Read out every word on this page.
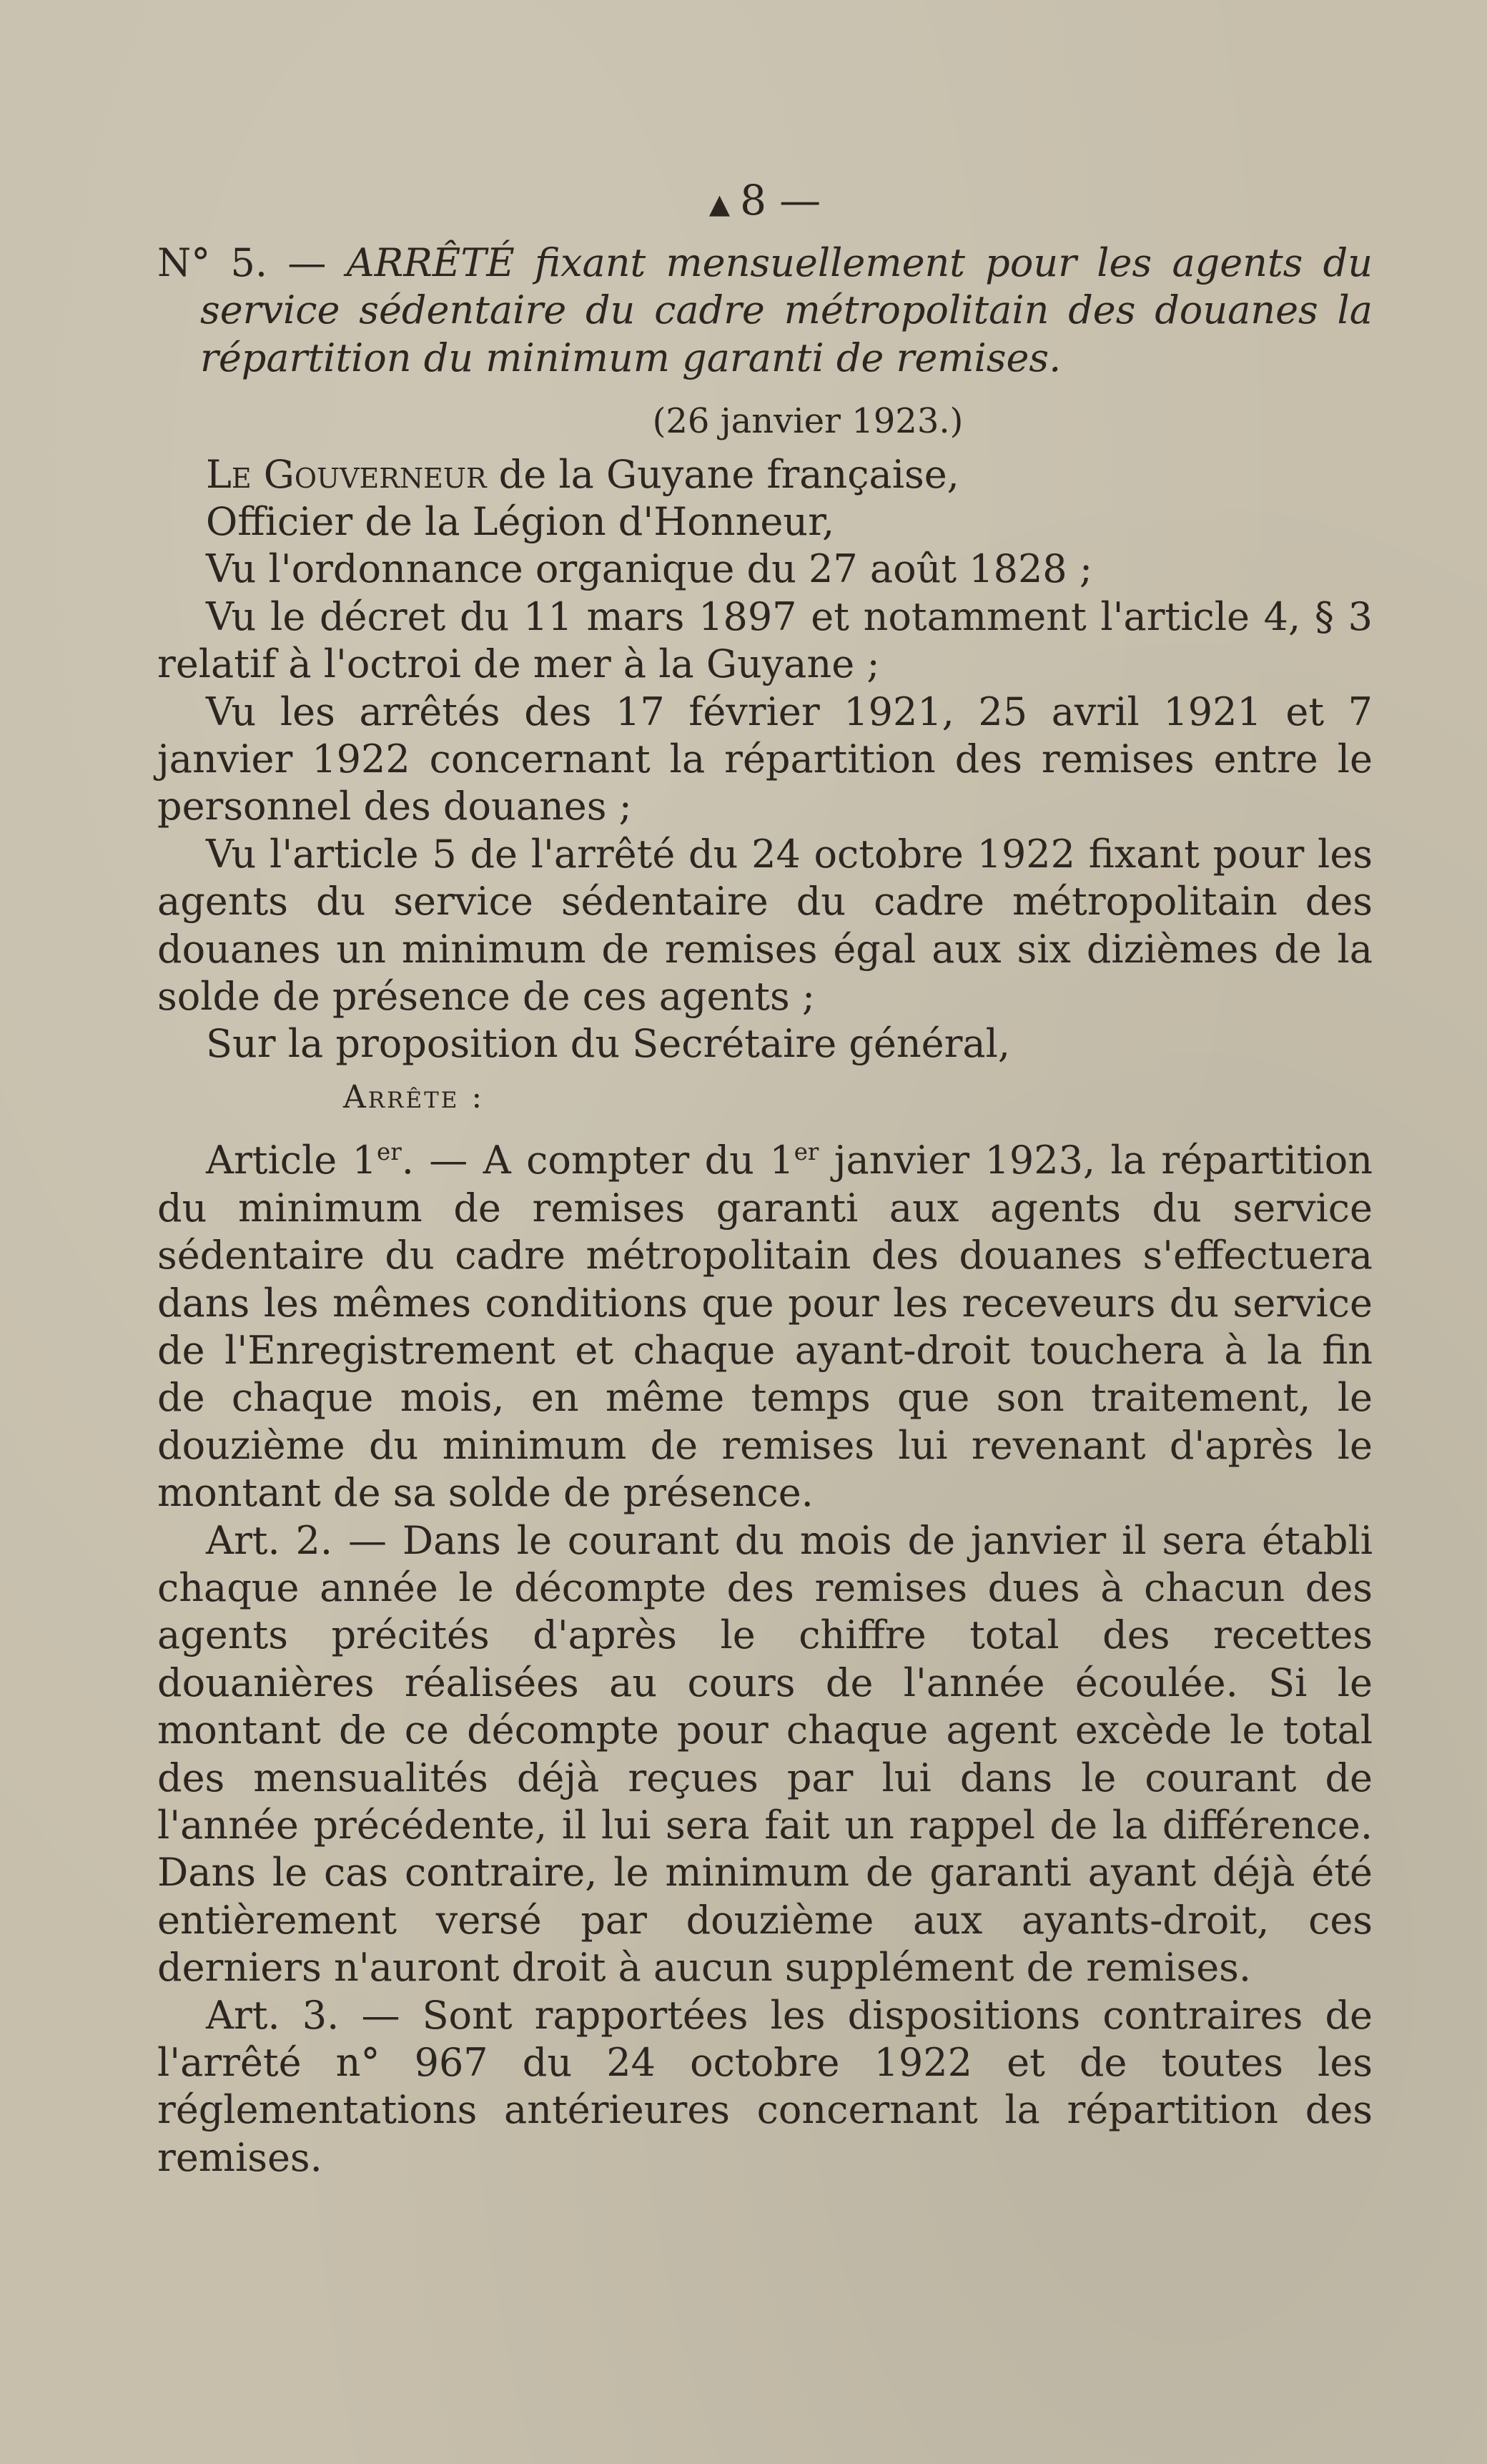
▲ 8 —
N° 5. — ARRÊTÉ fixant mensuellement pour les agents du service sédentaire du cadre métropolitain des douanes la répartition du minimum garanti de remises.
(26 janvier 1923.)

Le Gouverneur de la Guyane française,

Officier de la Légion d'Honneur,

Vu l'ordonnance organique du 27 août 1828 ;

Vu le décret du 11 mars 1897 et notamment l'article 4, § 3 relatif à l'octroi de mer à la Guyane ;

Vu les arrêtés des 17 février 1921, 25 avril 1921 et 7 janvier 1922 concernant la répartition des remises entre le personnel des douanes ;

Vu l'article 5 de l'arrêté du 24 octobre 1922 fixant pour les agents du service sédentaire du cadre métropolitain des douanes un minimum de remises égal aux six dizièmes de la solde de présence de ces agents ;

Sur la proposition du Secrétaire général,

Arrête :

Article 1er. — A compter du 1er janvier 1923, la répartition du minimum de remises garanti aux agents du service sédentaire du cadre métropolitain des douanes s'effectuera dans les mêmes conditions que pour les receveurs du service de l'Enregistrement et chaque ayant-droit touchera à la fin de chaque mois, en même temps que son traitement, le douzième du minimum de remises lui revenant d'après le montant de sa solde de présence.

Art. 2. — Dans le courant du mois de janvier il sera établi chaque année le décompte des remises dues à chacun des agents précités d'après le chiffre total des recettes douanières réalisées au cours de l'année écoulée. Si le montant de ce décompte pour chaque agent excède le total des mensualités déjà reçues par lui dans le courant de l'année précédente, il lui sera fait un rappel de la différence. Dans le cas contraire, le minimum de garanti ayant déjà été entièrement versé par douzième aux ayants-droit, ces derniers n'auront droit à aucun supplément de remises.

Art. 3. — Sont rapportées les dispositions contraires de l'arrêté n° 967 du 24 octobre 1922 et de toutes les réglementations antérieures concernant la répartition des remises.
